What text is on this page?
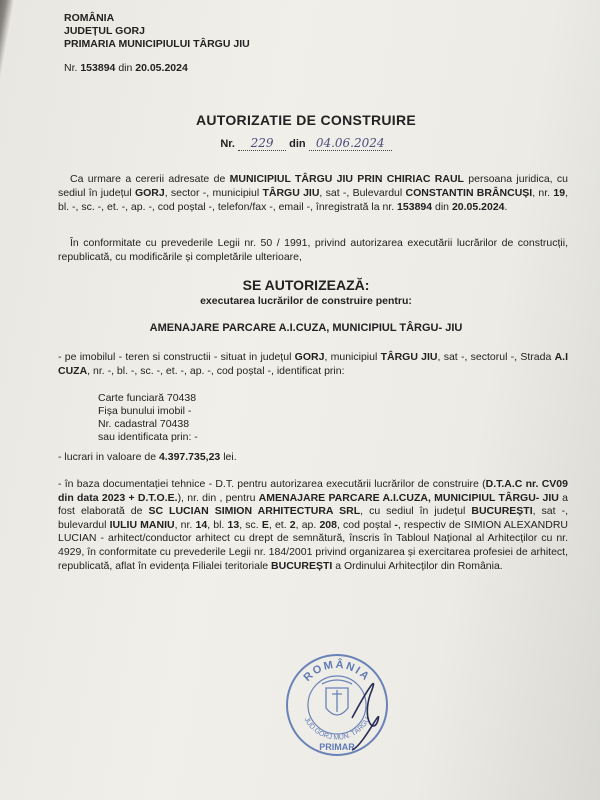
ROMÂNIA
JUDEȚUL GORJ
PRIMARIA MUNICIPIULUI TÂRGU JIU
Nr. 153894 din 20.05.2024
AUTORIZATIE DE CONSTRUIRE
Nr. 229 din 04.06.2024
Ca urmare a cererii adresate de MUNICIPIUL TÂRGU JIU PRIN CHIRIAC RAUL persoana juridica, cu sediul în județul GORJ, sector -, municipiul TÂRGU JIU, sat -, Bulevardul CONSTANTIN BRÂNCUȘI, nr. 19, bl. -, sc. -, et. -, ap. -, cod poștal -, telefon/fax -, email -, înregistrată la nr. 153894 din 20.05.2024.
În conformitate cu prevederile Legii nr. 50 / 1991, privind autorizarea executării lucrărilor de construcții, republicată, cu modificările și completările ulterioare,
SE AUTORIZEAZĂ:
executarea lucrărilor de construire pentru:
AMENAJARE PARCARE A.I.CUZA, MUNICIPIUL TÂRGU- JIU
- pe imobilul - teren si constructii - situat in județul GORJ, municipiul TÂRGU JIU, sat -, sectorul -, Strada A.I CUZA, nr. -, bl. -, sc. -, et. -, ap. -, cod poștal -, identificat prin:
Carte funciară 70438
Fișa bunului imobil -
Nr. cadastral 70438
sau identificata prin: -
- lucrari in valoare de 4.397.735,23 lei.
- în baza documentației tehnice - D.T. pentru autorizarea executării lucrărilor de construire (D.T.A.C nr. CV09 din data 2023 + D.T.O.E.), nr. din , pentru AMENAJARE PARCARE A.I.CUZA, MUNICIPIUL TÂRGU- JIU a fost elaborată de SC LUCIAN SIMION ARHITECTURA SRL, cu sediul în județul BUCUREȘTI, sat -, bulevardul IULIU MANIU, nr. 14, bl. 13, sc. E, et. 2, ap. 208, cod poștal -, respectiv de SIMION ALEXANDRU LUCIAN - arhitect/conductor arhitect cu drept de semnătură, înscris în Tabloul Național al Arhitecților cu nr. 4929, în conformitate cu prevederile Legii nr. 184/2001 privind organizarea și exercitarea profesiei de arhitect, republicată, aflat în evidența Filialei teritoriale BUCUREȘTI a Ordinului Arhitecților din România.
ROMÂNIA
JUD.GORJ MUN. TÂRGU
PRIMAR
